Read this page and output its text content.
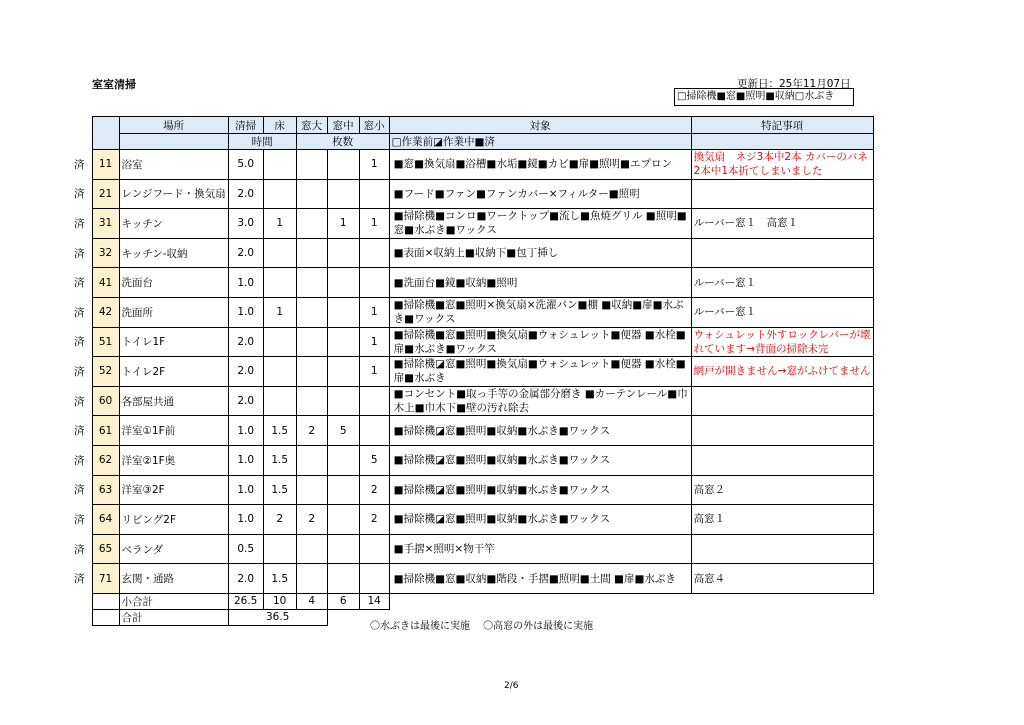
室室清掃	更新日：25年11月07日
□掃除機■窓■照明■収納□水ぶき
		場所	清掃	床	窓大	窓中	窓小	対象	特記事項
			時間		枚数			□作業前◪作業中■済	
済	11	浴室	5.0				1	■窓■換気扇■浴槽■水垢■鏡■カビ■扉■照明■エプロン	換気扇　ネジ3本中2本 カバーのバネ2本中1本折てしまいました
済	21	レンジフード・換気扇	2.0					■フード■ファン■ファンカバー×フィルター■照明	
済	31	キッチン	3.0	1		1	1	■掃除機■コンロ■ワークトップ■流し■魚焼グリル ■照明■窓■水ぶき■ワックス	ルーバー窓１　高窓１
済	32	キッチン-収納	2.0					■表面×収納上■収納下■包丁挿し	
済	41	洗面台	1.0					■洗面台■鏡■収納■照明	ルーバー窓１
済	42	洗面所	1.0	1			1	■掃除機■窓■照明×換気扇×洗濯パン■棚 ■収納■扉■水ぶき■ワックス	ルーバー窓１
済	51	トイレ1F	2.0				1	■掃除機■窓■照明■換気扇■ウォシュレット■便器 ■水栓■扉■水ぶき■ワックス	ウォシュレット外すロックレバーが壊れています→背面の掃除未完
済	52	トイレ2F	2.0				1	■掃除機◪窓■照明■換気扇■ウォシュレット■便器 ■水栓■扉■水ぶき	網戸が開きません→窓がふけてません
済	60	各部屋共通	2.0					■コンセント■取っ手等の金属部分磨き ■カーテンレール■巾木上■巾木下■壁の汚れ除去	
済	61	洋室①1F前	1.0	1.5	2	5		■掃除機◪窓■照明■収納■水ぶき■ワックス	
済	62	洋室②1F奥	1.0	1.5			5	■掃除機◪窓■照明■収納■水ぶき■ワックス	
済	63	洋室③2F	1.0	1.5			2	■掃除機◪窓■照明■収納■水ぶき■ワックス	高窓２
済	64	リビング2F	1.0	2	2		2	■掃除機◪窓■照明■収納■水ぶき■ワックス	高窓１
済	65	ベランダ	0.5					■手摺×照明×物干竿	
済	71	玄関・通路	2.0	1.5				■掃除機■窓■収納■階段・手摺■照明■土間 ■扉■水ぶき	高窓４
		小合計	26.5	10	4	6	14		
		合計	36.5						
〇水ぶきは最後に実施　 〇高窓の外は最後に実施
2/6
